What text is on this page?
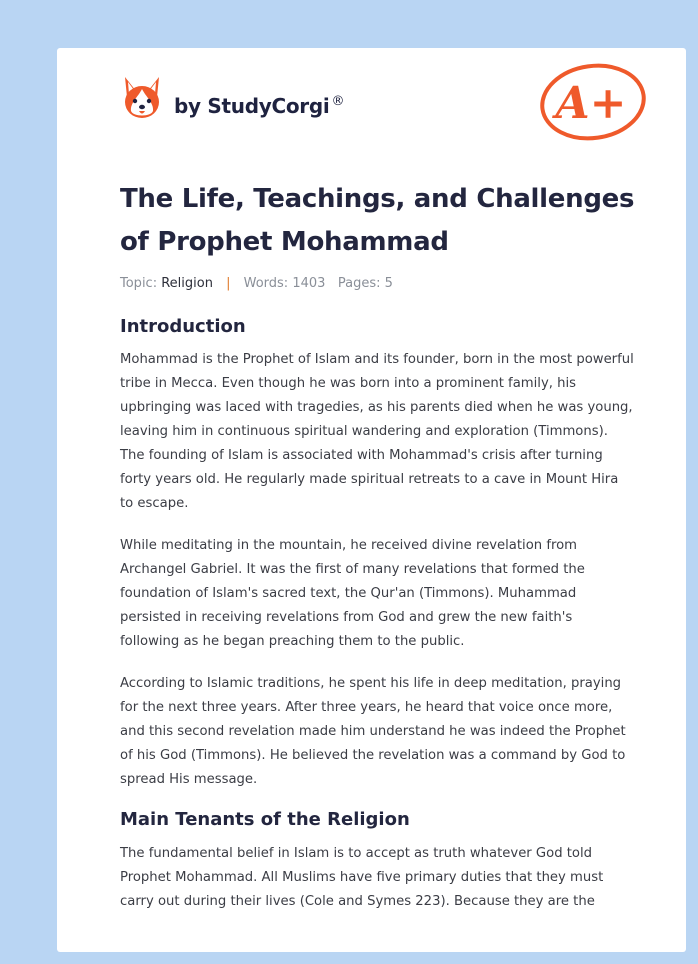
by StudyCorgi ®	A+
The Life, Teachings, and Challenges of Prophet Mohammad
Topic: Religion | Words: 1403 Pages: 5
Introduction

Mohammad is the Prophet of Islam and its founder, born in the most powerful tribe in Mecca. Even though he was born into a prominent family, his upbringing was laced with tragedies, as his parents died when he was young, leaving him in continuous spiritual wandering and exploration (Timmons). The founding of Islam is associated with Mohammad's crisis after turning forty years old. He regularly made spiritual retreats to a cave in Mount Hira to escape.

While meditating in the mountain, he received divine revelation from Archangel Gabriel. It was the first of many revelations that formed the foundation of Islam's sacred text, the Qur'an (Timmons). Muhammad persisted in receiving revelations from God and grew the new faith's following as he began preaching them to the public.

According to Islamic traditions, he spent his life in deep meditation, praying for the next three years. After three years, he heard that voice once more, and this second revelation made him understand he was indeed the Prophet of his God (Timmons). He believed the revelation was a command by God to spread His message.

Main Tenants of the Religion

The fundamental belief in Islam is to accept as truth whatever God told Prophet Mohammad. All Muslims have five primary duties that they must carry out during their lives (Cole and Symes 223). Because they are the
